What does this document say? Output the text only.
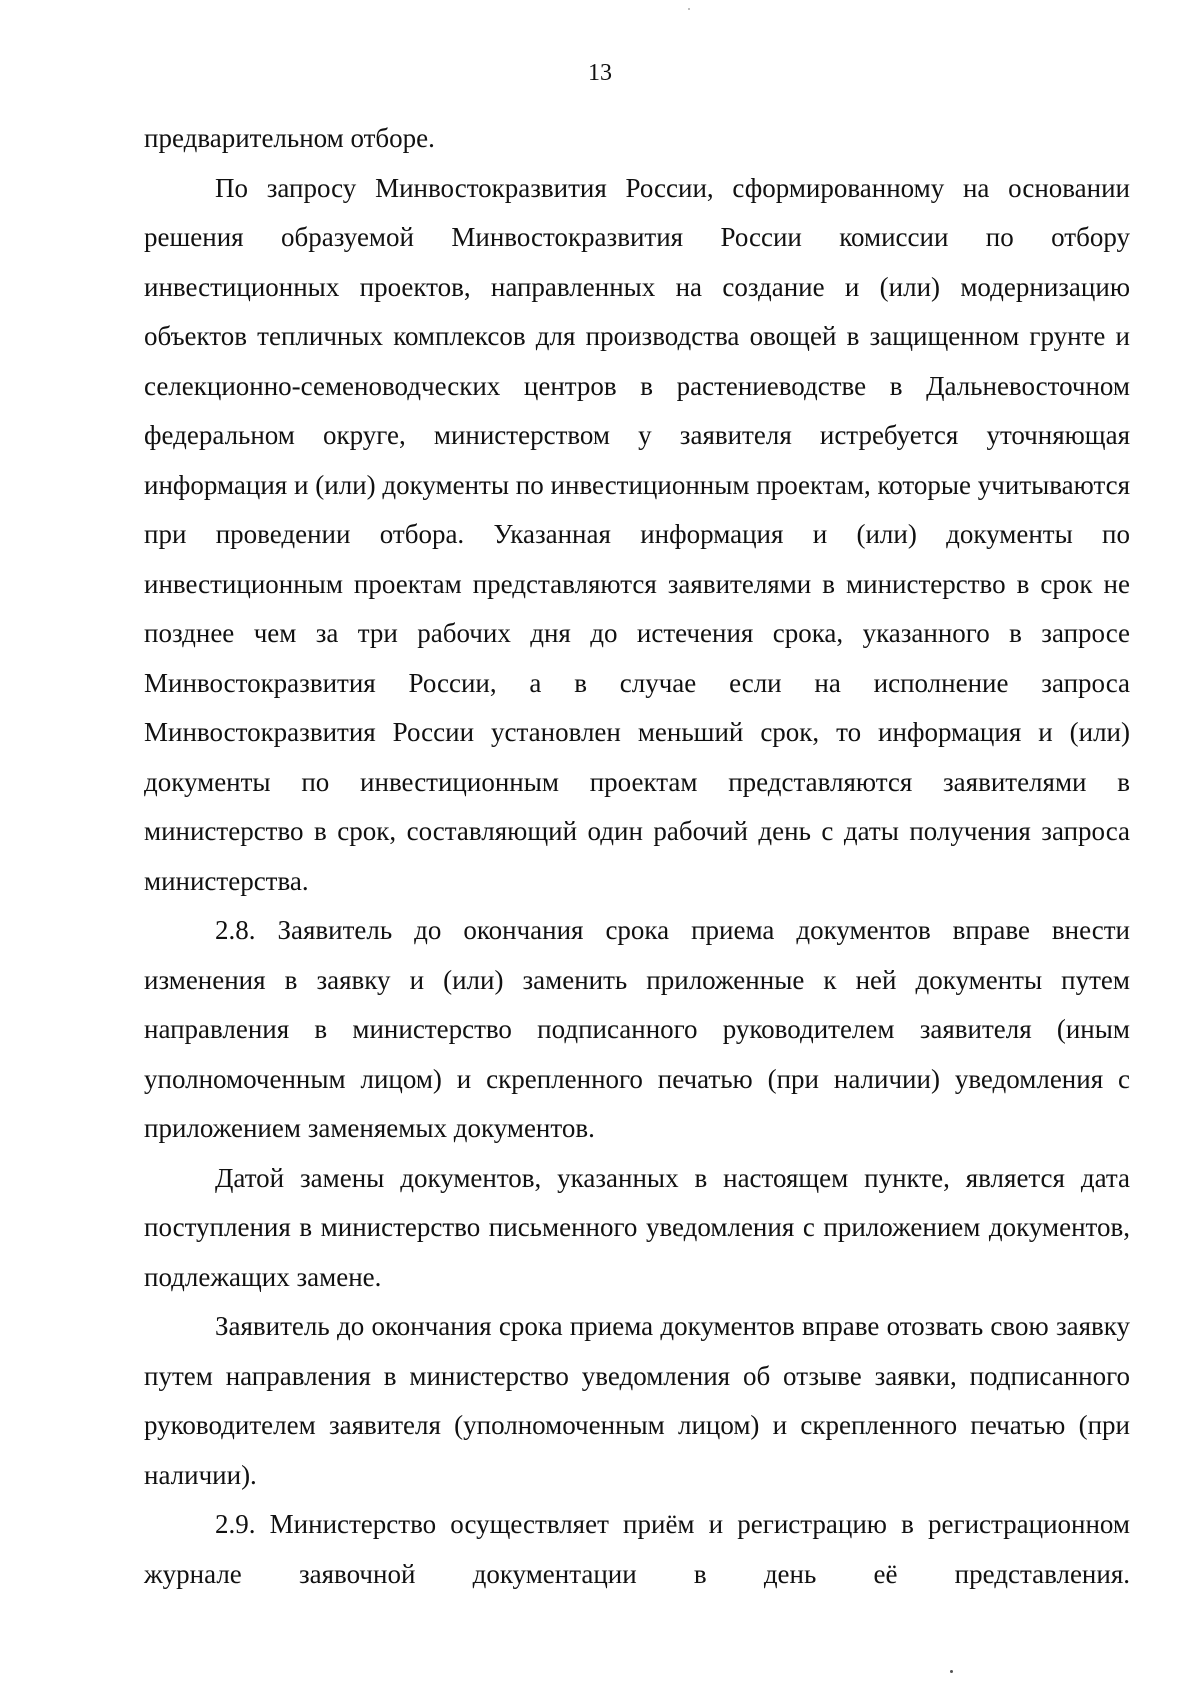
13

предварительном отборе.

По запросу Минвостокразвития России, сформированному на основании решения образуемой Минвостокразвития России комиссии по отбору инвестиционных проектов, направленных на создание и (или) модернизацию объектов тепличных комплексов для производства овощей в защищенном грунте и селекционно-семеноводческих центров в растениеводстве в Дальневосточном федеральном округе, министерством у заявителя истребуется уточняющая информация и (или) документы по инвестиционным проектам, которые учитываются при проведении отбора. Указанная информация и (или) документы по инвестиционным проектам представляются заявителями в министерство в срок не позднее чем за три рабочих дня до истечения срока, указанного в запросе Минвостокразвития России, а в случае если на исполнение запроса Минвостокразвития России установлен меньший срок, то информация и (или) документы по инвестиционным проектам представляются заявителями в министерство в срок, составляющий один рабочий день с даты получения запроса министерства.

2.8. Заявитель до окончания срока приема документов вправе внести изменения в заявку и (или) заменить приложенные к ней документы путем направления в министерство подписанного руководителем заявителя (иным уполномоченным лицом) и скрепленного печатью (при наличии) уведомления с приложением заменяемых документов.

Датой замены документов, указанных в настоящем пункте, является дата поступления в министерство письменного уведомления с приложением документов, подлежащих замене.

Заявитель до окончания срока приема документов вправе отозвать свою заявку путем направления в министерство уведомления об отзыве заявки, подписанного руководителем заявителя (уполномоченным лицом) и скрепленного печатью (при наличии).

2.9. Министерство осуществляет приём и регистрацию в регистрационном журнале заявочной документации в день её представления.
